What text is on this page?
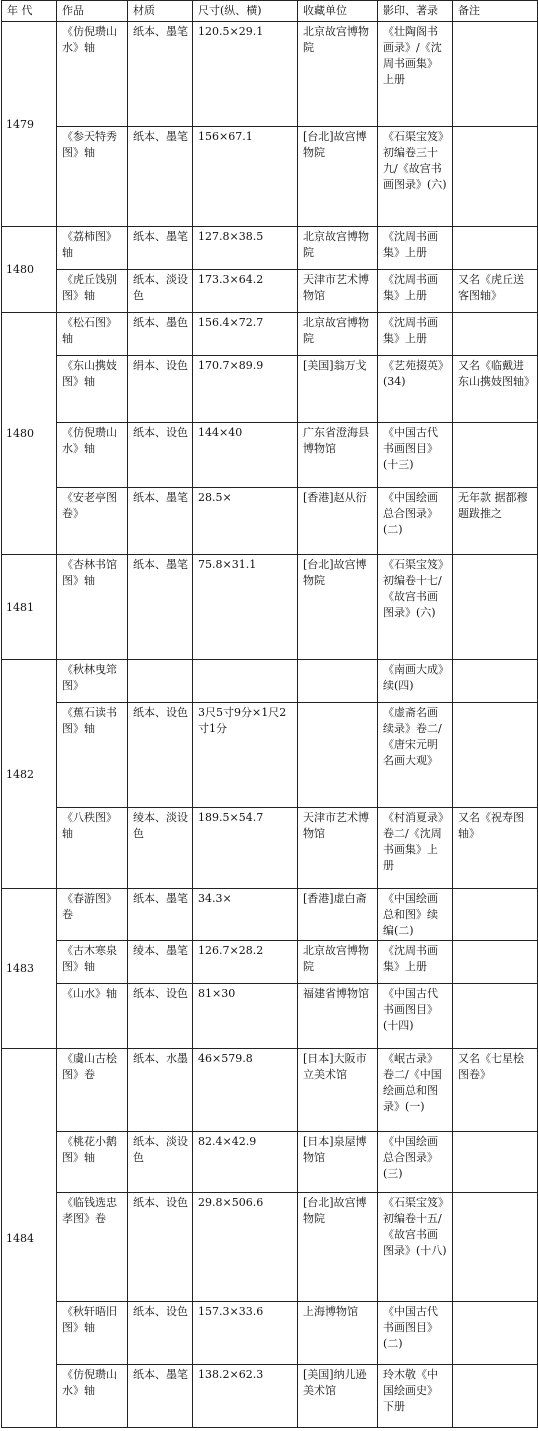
年 代	作品	材质	尺寸(纵、横)	收藏单位	影印、著录	备注
1479	《仿倪瓒山水》轴	纸本、墨笔	120.5×29.1	北京故宫博物院	《壮陶阁书画录》/《沈周书画集》上册	
	《参天特秀图》轴	纸本、墨笔	156×67.1	[台北]故宫博物院	《石渠宝笈》初编卷三十九/《故宫书画图录》(六)	
1480	《荔柿图》轴	纸本、墨笔	127.8×38.5	北京故宫博物院	《沈周书画集》上册	
	《虎丘饯别图》轴	纸本、淡设色	173.3×64.2	天津市艺术博物馆	《沈周书画集》上册	又名《虎丘送客图轴》
1480	《松石图》轴	纸本、墨色	156.4×72.7	北京故宫博物院	《沈周书画集》上册	
	《东山携妓图》轴	绢本、设色	170.7×89.9	[美国]翁万戈	《艺苑掇英》(34)	又名《临戴进东山携妓图轴》
	《仿倪瓒山水》轴	纸本、设色	144×40	广东省澄海县博物馆	《中国古代书画图目》(十三)	
	《安老亭图卷》	纸本、墨笔	28.5×	[香港]赵从衍	《中国绘画总合图录》(二)	无年款 据都穆题跋推之
1481	《杏林书馆图》轴	纸本、墨笔	75.8×31.1	[台北]故宫博物院	《石渠宝笈》初编卷十七/《故宫书画图录》(六)	
1482	《秋林曳筇图》				《南画大成》续(四)	
	《蕉石读书图》轴	纸本、设色	3尺5寸9分×1尺2寸1分		《虚斋名画续录》卷二/《唐宋元明名画大观》	
	《八秩图》轴	绫本、淡设色	189.5×54.7	天津市艺术博物馆	《村消夏录》卷二/《沈周书画集》上册	又名《祝寿图轴》
1483	《春游图》卷	纸本、墨笔	34.3×	[香港]虚白斋	《中国绘画总和图》续编(二)	
	《古木寒泉图》轴	绫本、墨笔	126.7×28.2	北京故宫博物院	《沈周书画集》上册	
	《山水》轴	纸本、设色	81×30	福建省博物馆	《中国古代书画图目》(十四)	
1484	《虞山古桧图》卷	纸本、水墨	46×579.8	[日本]大阪市立美术馆	《岷古录》卷二/《中国绘画总和图录》(一)	又名《七星桧图卷》
	《桃花小鹅图》轴	纸本、淡设色	82.4×42.9	[日本]泉屋博物馆	《中国绘画总合图录》(三)	
	《临钱选忠孝图》卷	纸本、设色	29.8×506.6	[台北]故宫博物院	《石渠宝笈》初编卷十五/《故宫书画图录》(十八)	
	《秋轩晤旧图》轴	纸本、设色	157.3×33.6	上海博物馆	《中国古代书画图目》(二)	
	《仿倪瓒山水》轴	纸本、墨笔	138.2×62.3	[美国]纳儿逊美术馆	玲木敬《中国绘画史》下册	
